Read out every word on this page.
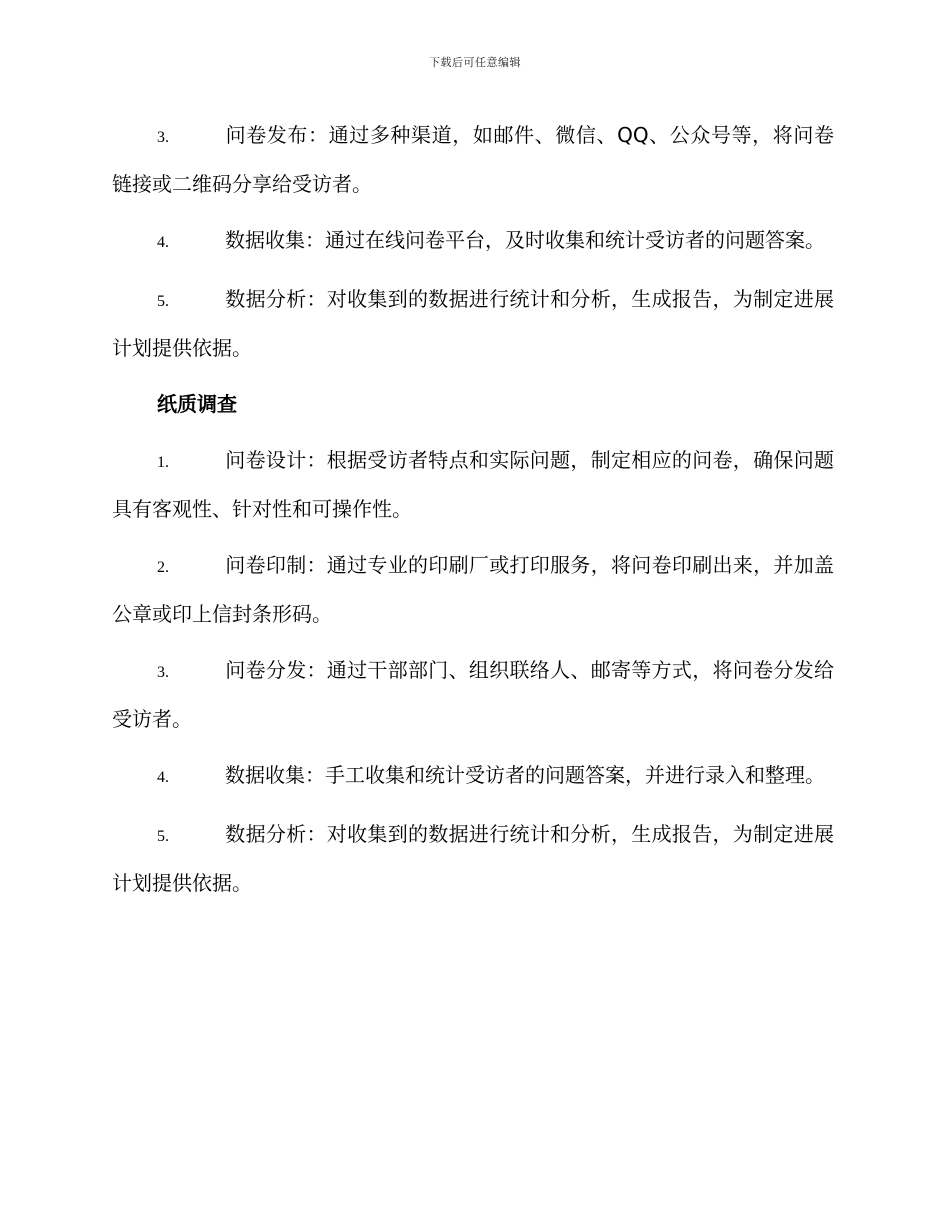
下载后可任意编辑

3.	问卷发布：通过多种渠道，如邮件、微信、QQ、公众号等，将问卷链接或二维码分享给受访者。

4.	数据收集：通过在线问卷平台，及时收集和统计受访者的问题答案。

5.	数据分析：对收集到的数据进行统计和分析，生成报告，为制定进展计划提供依据。

纸质调查

1.	问卷设计：根据受访者特点和实际问题，制定相应的问卷，确保问题具有客观性、针对性和可操作性。

2.	问卷印制：通过专业的印刷厂或打印服务，将问卷印刷出来，并加盖公章或印上信封条形码。

3.	问卷分发：通过干部部门、组织联络人、邮寄等方式，将问卷分发给受访者。

4.	数据收集：手工收集和统计受访者的问题答案，并进行录入和整理。

5.	数据分析：对收集到的数据进行统计和分析，生成报告，为制定进展计划提供依据。
